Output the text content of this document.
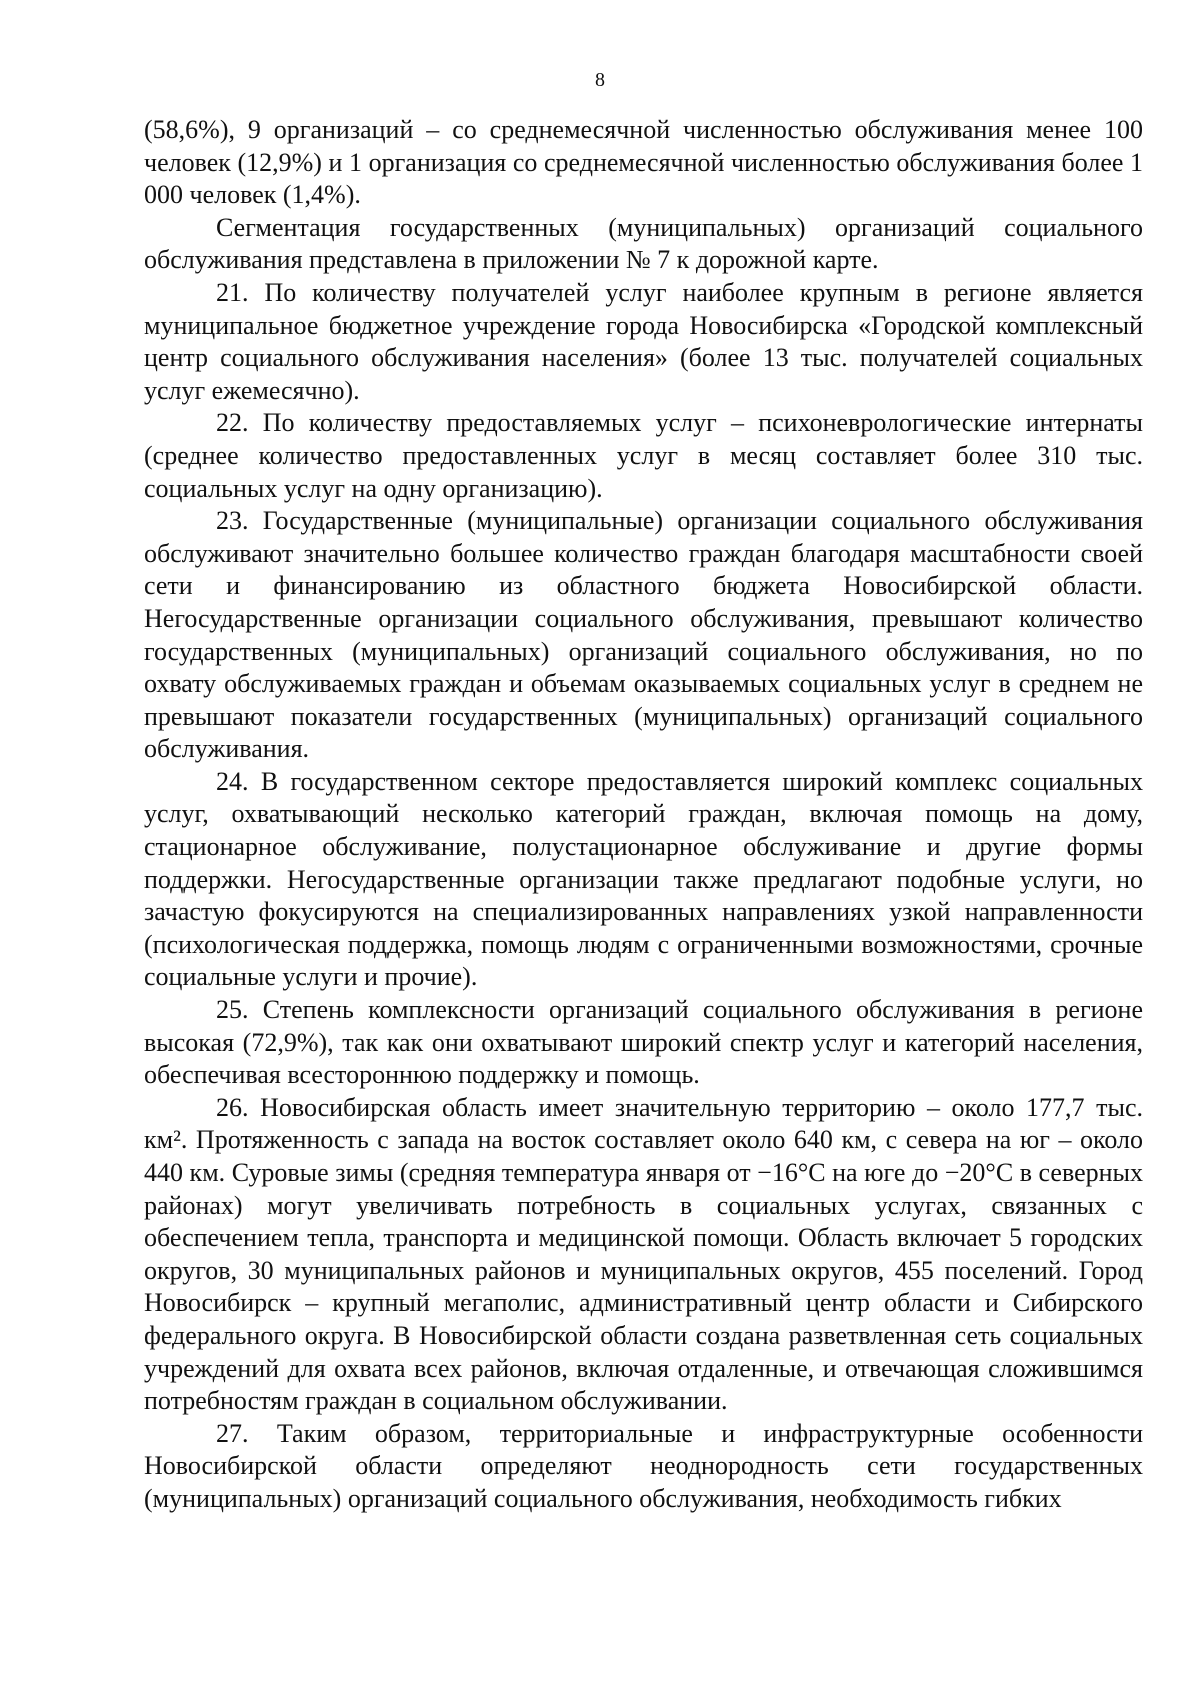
8

(58,6%), 9 организаций – со среднемесячной численностью обслуживания менее 100 человек (12,9%) и 1 организация со среднемесячной численностью обслуживания более 1 000 человек (1,4%).

Сегментация государственных (муниципальных) организаций социального обслуживания представлена в приложении № 7 к дорожной карте.

21. По количеству получателей услуг наиболее крупным в регионе является муниципальное бюджетное учреждение города Новосибирска «Городской комплексный центр социального обслуживания населения» (более 13 тыс. получателей социальных услуг ежемесячно).

22. По количеству предоставляемых услуг – психоневрологические интернаты (среднее количество предоставленных услуг в месяц составляет более 310 тыс. социальных услуг на одну организацию).

23. Государственные (муниципальные) организации социального обслуживания обслуживают значительно большее количество граждан благодаря масштабности своей сети и финансированию из областного бюджета Новосибирской области. Негосударственные организации социального обслуживания, превышают количество государственных (муниципальных) организаций социального обслуживания, но по охвату обслуживаемых граждан и объемам оказываемых социальных услуг в среднем не превышают показатели государственных (муниципальных) организаций социального обслуживания.

24. В государственном секторе предоставляется широкий комплекс социальных услуг, охватывающий несколько категорий граждан, включая помощь на дому, стационарное обслуживание, полустационарное обслуживание и другие формы поддержки. Негосударственные организации также предлагают подобные услуги, но зачастую фокусируются на специализированных направлениях узкой направленности (психологическая поддержка, помощь людям с ограниченными возможностями, срочные социальные услуги и прочие).

25. Степень комплексности организаций социального обслуживания в регионе высокая (72,9%), так как они охватывают широкий спектр услуг и категорий населения, обеспечивая всестороннюю поддержку и помощь.

26. Новосибирская область имеет значительную территорию – около 177,7 тыс. км². Протяженность с запада на восток составляет около 640 км, с севера на юг – около 440 км. Суровые зимы (средняя температура января от −16°C на юге до −20°C в северных районах) могут увеличивать потребность в социальных услугах, связанных с обеспечением тепла, транспорта и медицинской помощи. Область включает 5 городских округов, 30 муниципальных районов и муниципальных округов, 455 поселений. Город Новосибирск – крупный мегаполис, административный центр области и Сибирского федерального округа. В Новосибирской области создана разветвленная сеть социальных учреждений для охвата всех районов, включая отдаленные, и отвечающая сложившимся потребностям граждан в социальном обслуживании.

27. Таким образом, территориальные и инфраструктурные особенности Новосибирской области определяют неоднородность сети государственных (муниципальных) организаций социального обслуживания, необходимость гибких
